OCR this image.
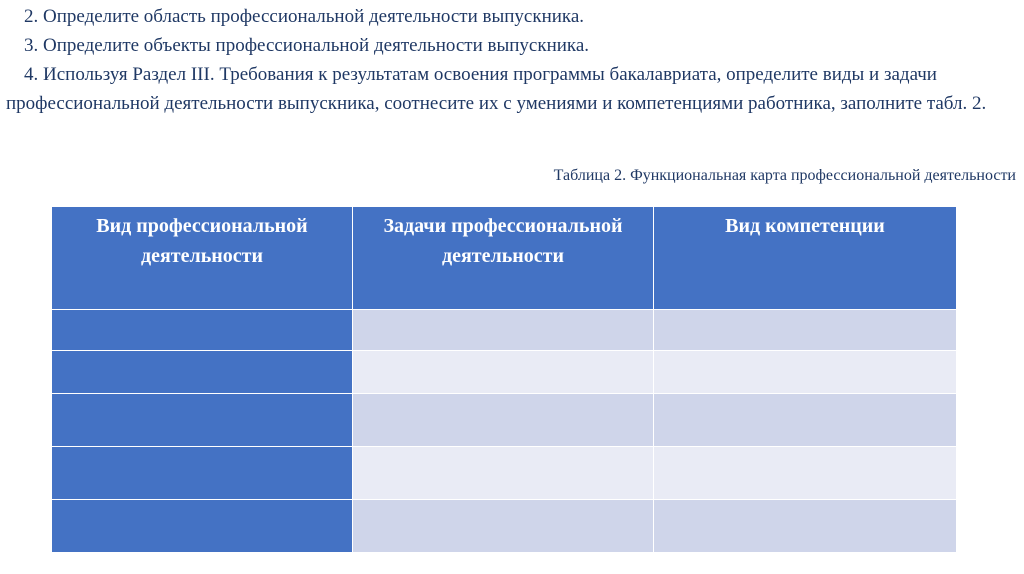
2. Определите область профессиональной деятельности выпускника.

3. Определите объекты профессиональной деятельности выпускника.

4. Используя Раздел III. Требования к результатам освоения программы бакалавриата, определите виды и задачи профессиональной деятельности выпускника, соотнесите их с умениями и компетенциями работника, заполните табл. 2.

Таблица 2. Функциональная карта профессиональной деятельности
Вид профессиональной деятельности	Задачи профессиональной деятельности	Вид компетенции
